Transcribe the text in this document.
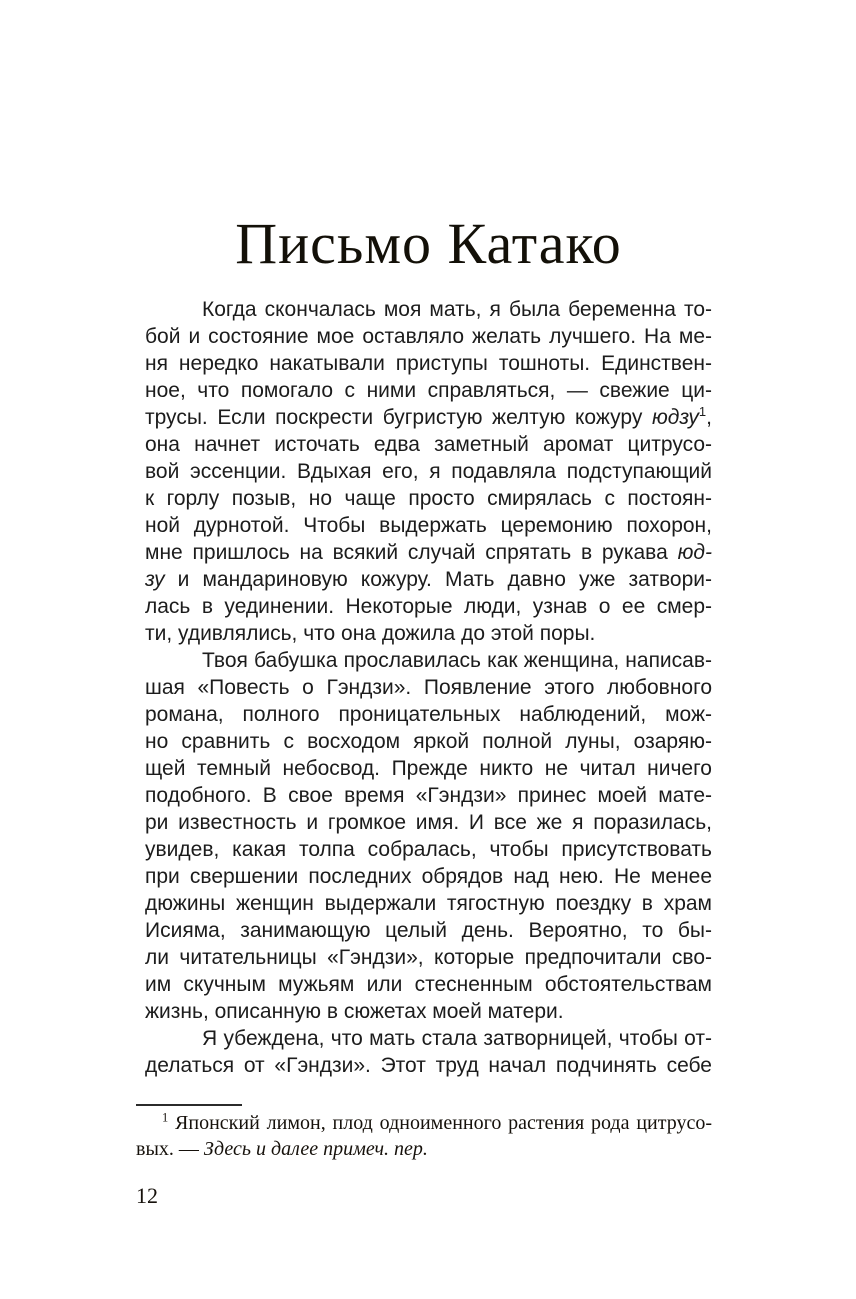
Письмо Катако
Когда скончалась моя мать, я была беременна то-
бой и состояние мое оставляло желать лучшего. На ме-
ня нередко накатывали приступы тошноты. Единствен-
ное, что помогало с ними справляться, — свежие ци-
трусы. Если поскрести бугристую желтую кожуру юдзу$^1$,
она начнет источать едва заметный аромат цитрусо-
вой эссенции. Вдыхая его, я подавляла подступающий
к горлу позыв, но чаще просто смирялась с постоян-
ной дурнотой. Чтобы выдержать церемонию похорон,
мне пришлось на всякий случай спрятать в рукава юд-
зу и мандариновую кожуру. Мать давно уже затвори-
лась в уединении. Некоторые люди, узнав о ее смер-
ти, удивлялись, что она дожила до этой поры.
Твоя бабушка прославилась как женщина, написав-
шая «Повесть о Гэндзи». Появление этого любовного
романа, полного проницательных наблюдений, мож-
но сравнить с восходом яркой полной луны, озаряю-
щей темный небосвод. Прежде никто не читал ничего
подобного. В свое время «Гэндзи» принес моей мате-
ри известность и громкое имя. И все же я поразилась,
увидев, какая толпа собралась, чтобы присутствовать
при свершении последних обрядов над нею. Не менее
дюжины женщин выдержали тягостную поездку в храм
Исияма, занимающую целый день. Вероятно, то бы-
ли читательницы «Гэндзи», которые предпочитали сво-
им скучным мужьям или стесненным обстоятельствам
жизнь, описанную в сюжетах моей матери.
Я убеждена, что мать стала затворницей, чтобы от-
делаться от «Гэндзи». Этот труд начал подчинять себе
$^1$ Японский лимон, плод одноименного растения рода цитрусо-
вых. — Здесь и далее примеч. пер.
12
